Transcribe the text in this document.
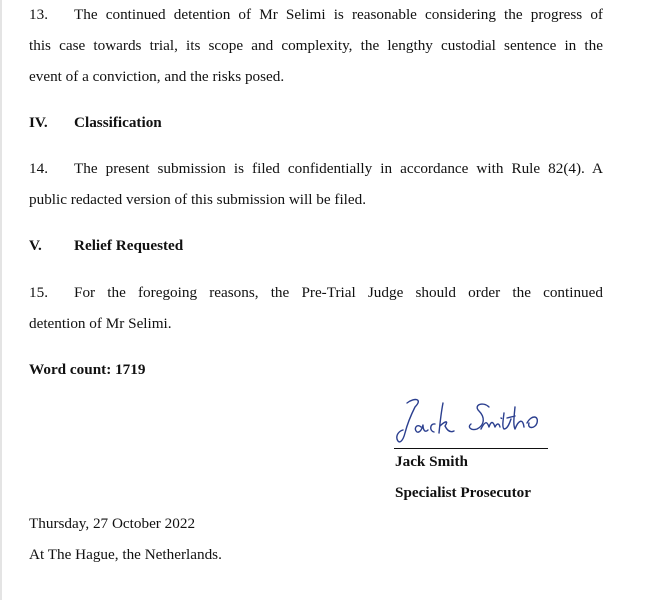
13. The continued detention of Mr Selimi is reasonable considering the progress of
this case towards trial, its scope and complexity, the lengthy custodial sentence in the
event of a conviction, and the risks posed.
IV. Classification
14. The present submission is filed confidentially in accordance with Rule 82(4). A
public redacted version of this submission will be filed.
V. Relief Requested
15. For the foregoing reasons, the Pre-Trial Judge should order the continued
detention of Mr Selimi.
Word count: 1719
Jack Smith
Specialist Prosecutor
Thursday, 27 October 2022
At The Hague, the Netherlands.
